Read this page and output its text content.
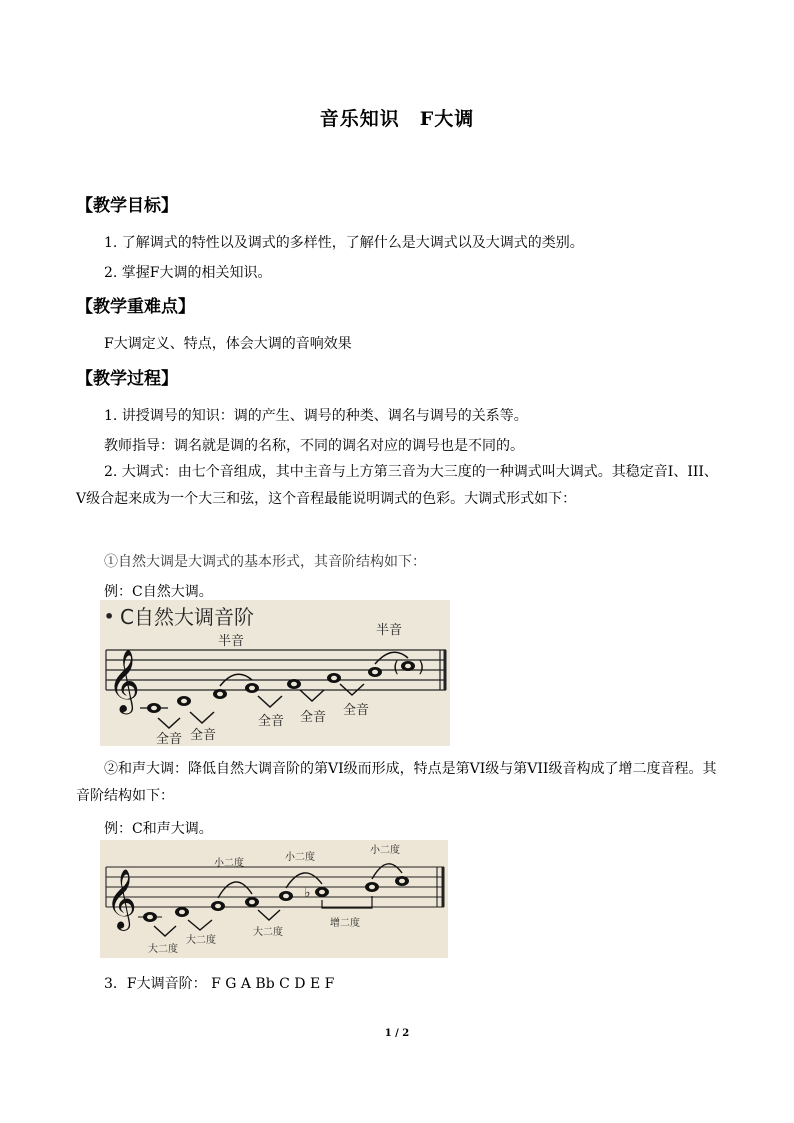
音乐知识　F大调
【教学目标】
1. 了解调式的特性以及调式的多样性，了解什么是大调式以及大调式的类别。
2. 掌握F大调的相关知识。
【教学重难点】
F大调定义、特点，体会大调的音响效果
【教学过程】
1. 讲授调号的知识：调的产生、调号的种类、调名与调号的关系等。
教师指导：调名就是调的名称，不同的调名对应的调号也是不同的。
2. 大调式：由七个音组成，其中主音与上方第三音为大三度的一种调式叫大调式。其稳定音I、III、V级合起来成为一个大三和弦，这个音程最能说明调式的色彩。大调式形式如下：
①自然大调是大调式的基本形式，其音阶结构如下：
例：C自然大调。
• C自然大调音阶
𝄞	( )
半音
半音
全音 全音
全音 全音 全音
②和声大调：降低自然大调音阶的第VI级而形成，特点是第VI级与第VII级音构成了增二度音程。其音阶结构如下：
例：C和声大调。
𝄞	♭
小二度
小二度
小二度
大二度
大二度
大二度
增二度
3．F大调音阶： F G A Bb C D E F
1 / 2
